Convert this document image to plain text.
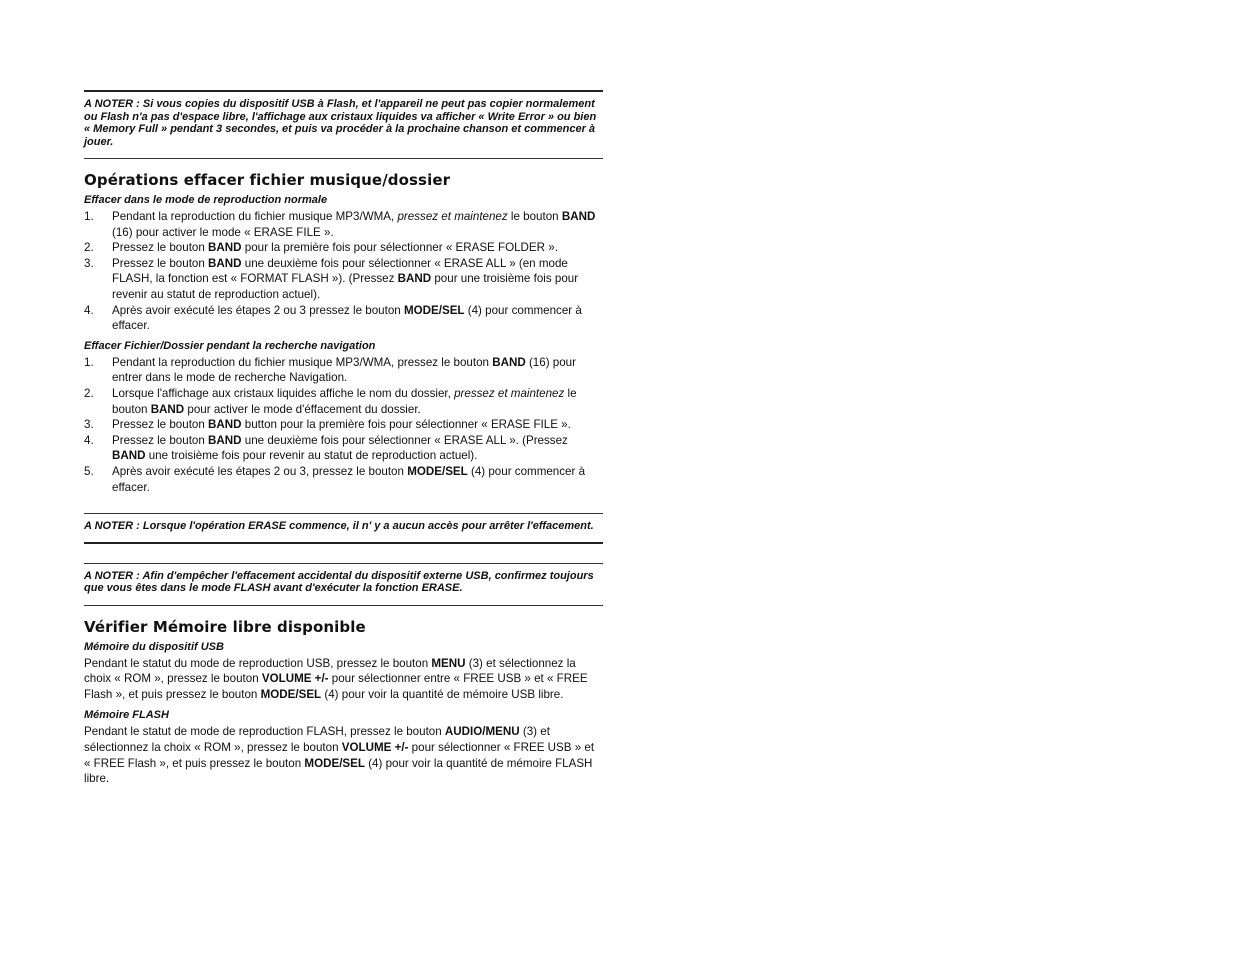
A NOTER : Si vous copies du dispositif USB à Flash, et l'appareil ne peut pas copier normalement ou Flash n'a pas d'espace libre, l'affichage aux cristaux liquides va afficher « Write Error » ou bien « Memory Full » pendant 3 secondes, et puis va procéder à la prochaine chanson et commencer à jouer.
Opérations effacer fichier musique/dossier
Effacer dans le mode de reproduction normale
1.	Pendant la reproduction du fichier musique MP3/WMA, pressez et maintenez le bouton BAND (16) pour activer le mode « ERASE FILE ».
2.	Pressez le bouton BAND pour la première fois pour sélectionner « ERASE FOLDER ».
3.	Pressez le bouton BAND une deuxième fois pour sélectionner « ERASE ALL » (en mode FLASH, la fonction est « FORMAT FLASH »). (Pressez BAND pour une troisième fois pour revenir au statut de reproduction actuel).
4.	Après avoir exécuté les étapes 2 ou 3 pressez le bouton MODE/SEL (4) pour commencer à effacer.
Effacer Fichier/Dossier pendant la recherche navigation
1.	Pendant la reproduction du fichier musique MP3/WMA, pressez le bouton BAND (16) pour entrer dans le mode de recherche Navigation.
2.	Lorsque l'affichage aux cristaux liquides affiche le nom du dossier, pressez et maintenez le bouton BAND pour activer le mode d'éffacement du dossier.
3.	Pressez le bouton BAND button pour la première fois pour sélectionner « ERASE FILE ».
4.	Pressez le bouton BAND une deuxième fois pour sélectionner « ERASE ALL ». (Pressez BAND une troisième fois pour revenir au statut de reproduction actuel).
5.	Après avoir exécuté les étapes 2 ou 3, pressez le bouton MODE/SEL (4) pour commencer à effacer.
A NOTER : Lorsque l'opération ERASE commence, il n' y a aucun accès pour arrêter l'effacement.
A NOTER : Afin d'empêcher l'effacement accidental du dispositif externe USB, confirmez toujours que vous êtes dans le mode FLASH avant d'exécuter la fonction ERASE.
Vérifier Mémoire libre disponible
Mémoire du dispositif USB

Pendant le statut du mode de reproduction USB, pressez le bouton MENU (3) et sélectionnez la choix « ROM », pressez le bouton VOLUME +/- pour sélectionner entre « FREE USB » et « FREE Flash », et puis pressez le bouton MODE/SEL (4) pour voir la quantité de mémoire USB libre.

Mémoire FLASH

Pendant le statut de mode de reproduction FLASH, pressez le bouton AUDIO/MENU (3) et sélectionnez la choix « ROM », pressez le bouton VOLUME +/- pour sélectionner « FREE USB » et « FREE Flash », et puis pressez le bouton MODE/SEL (4) pour voir la quantité de mémoire FLASH libre.
